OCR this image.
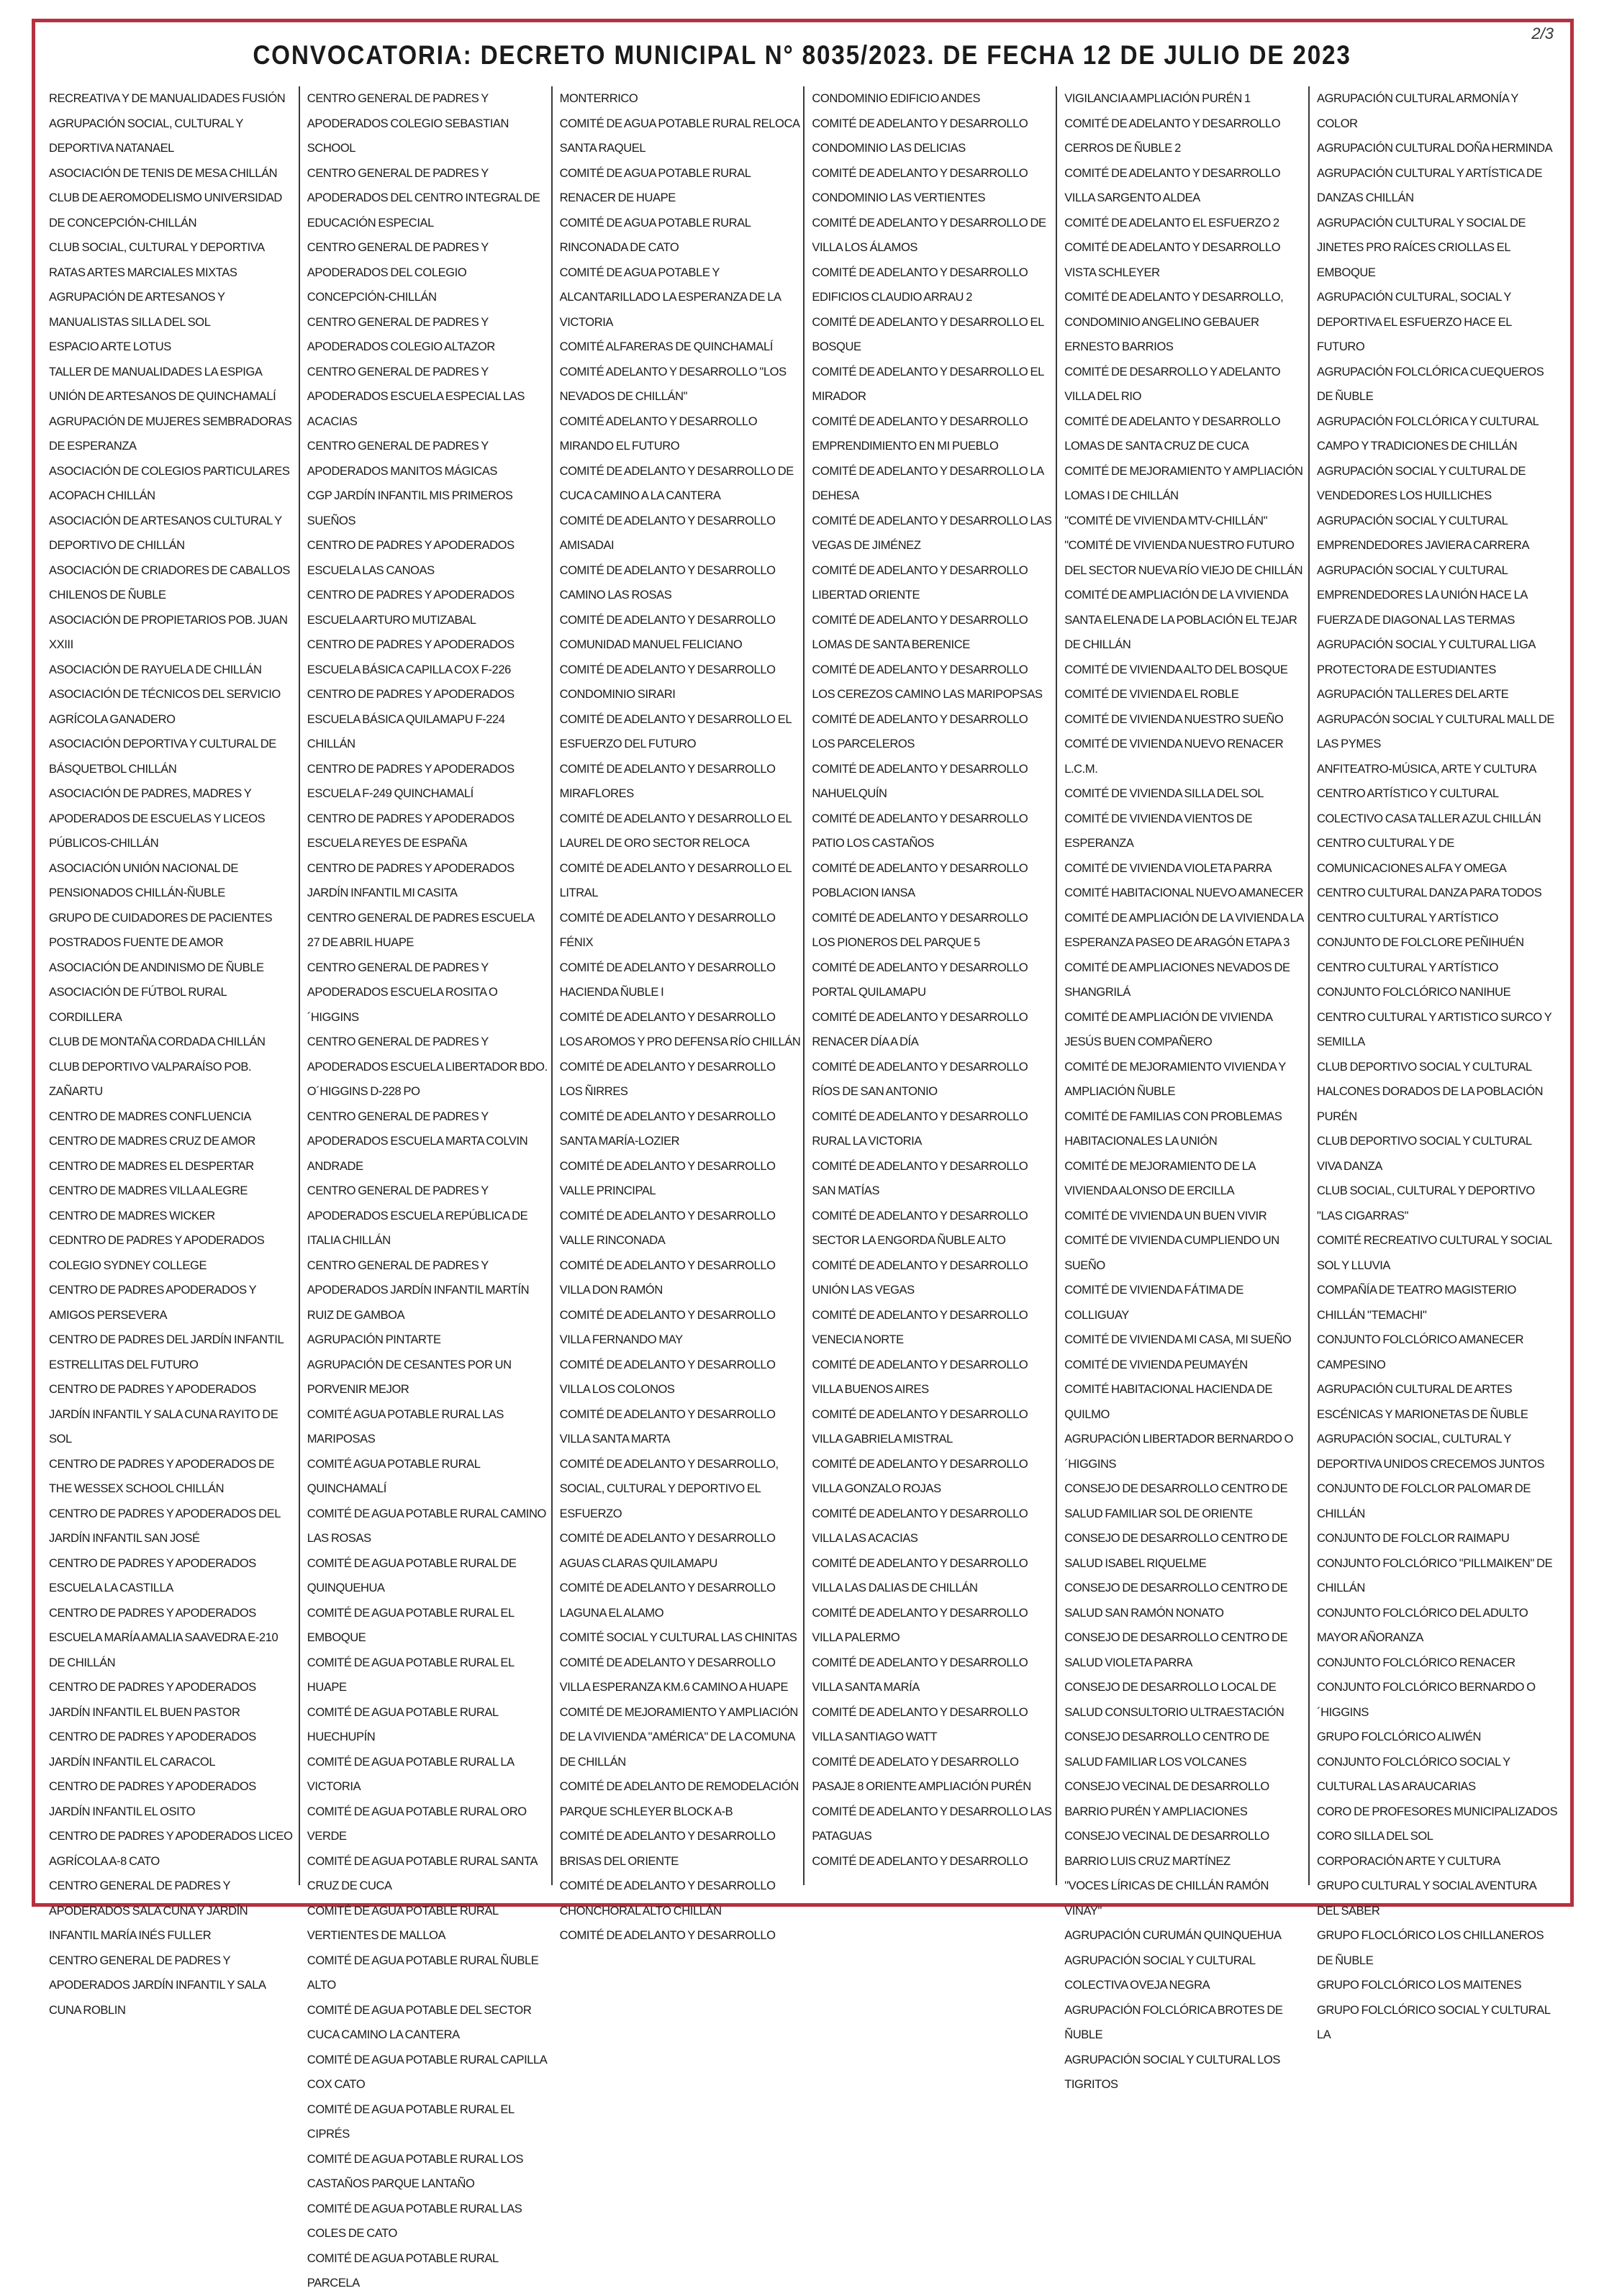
2/3
CONVOCATORIA: DECRETO MUNICIPAL N° 8035/2023. DE FECHA 12 DE JULIO DE 2023
RECREATIVA Y DE MANUALIDADES FUSIÓN
AGRUPACIÓN SOCIAL, CULTURAL Y DEPORTIVA NATANAEL
ASOCIACIÓN DE TENIS DE MESA CHILLÁN
CLUB DE AEROMODELISMO UNIVERSIDAD DE CONCEPCIÓN-CHILLÁN
CLUB SOCIAL, CULTURAL Y DEPORTIVA RATAS ARTES MARCIALES MIXTAS
AGRUPACIÓN DE ARTESANOS Y MANUALISTAS SILLA DEL SOL
ESPACIO ARTE LOTUS
TALLER DE MANUALIDADES LA ESPIGA
UNIÓN DE ARTESANOS DE QUINCHAMALÍ
AGRUPACIÓN DE MUJERES SEMBRADORAS DE ESPERANZA
ASOCIACIÓN DE COLEGIOS PARTICULARES ACOPACH CHILLÁN
ASOCIACIÓN DE ARTESANOS CULTURAL Y DEPORTIVO DE CHILLÁN
ASOCIACIÓN DE CRIADORES DE CABALLOS CHILENOS DE ÑUBLE
ASOCIACIÓN DE PROPIETARIOS POB. JUAN XXIII
ASOCIACIÓN DE RAYUELA DE CHILLÁN
ASOCIACIÓN DE TÉCNICOS DEL SERVICIO AGRÍCOLA GANADERO
ASOCIACIÓN DEPORTIVA Y CULTURAL DE BÁSQUETBOL CHILLÁN
ASOCIACIÓN DE PADRES, MADRES Y APODERADOS DE ESCUELAS Y LICEOS PÚBLICOS-CHILLÁN
ASOCIACIÓN UNIÓN NACIONAL DE PENSIONADOS CHILLÁN-ÑUBLE
GRUPO DE CUIDADORES DE PACIENTES POSTRADOS FUENTE DE AMOR
ASOCIACIÓN DE ANDINISMO DE ÑUBLE
ASOCIACIÓN DE FÚTBOL RURAL CORDILLERA
CLUB DE MONTAÑA CORDADA CHILLÁN
CLUB DEPORTIVO VALPARAÍSO POB. ZAÑARTU
CENTRO DE MADRES CONFLUENCIA
CENTRO DE MADRES CRUZ DE AMOR
CENTRO DE MADRES EL DESPERTAR
CENTRO DE MADRES VILLA ALEGRE
CENTRO DE MADRES WICKER
CEDNTRO DE PADRES Y APODERADOS COLEGIO SYDNEY COLLEGE
CENTRO DE PADRES APODERADOS Y AMIGOS PERSEVERA
CENTRO DE PADRES DEL JARDÍN INFANTIL ESTRELLITAS DEL FUTURO
CENTRO DE PADRES Y APODERADOS JARDÍN INFANTIL Y SALA CUNA RAYITO DE SOL
CENTRO DE PADRES Y APODERADOS DE THE WESSEX SCHOOL CHILLÁN
CENTRO DE PADRES Y APODERADOS DEL JARDÍN INFANTIL SAN JOSÉ
CENTRO DE PADRES Y APODERADOS ESCUELA LA CASTILLA
CENTRO DE PADRES Y APODERADOS ESCUELA MARÍA AMALIA SAAVEDRA E-210 DE CHILLÁN
CENTRO DE PADRES Y APODERADOS JARDÍN INFANTIL EL BUEN PASTOR
CENTRO DE PADRES Y APODERADOS JARDÍN INFANTIL EL CARACOL
CENTRO DE PADRES Y APODERADOS JARDÍN INFANTIL EL OSITO
CENTRO DE PADRES Y APODERADOS LICEO AGRÍCOLA A-8 CATO
CENTRO GENERAL DE PADRES Y APODERADOS SALA CUNA Y JARDÍN INFANTIL MARÍA INÉS FULLER
CENTRO GENERAL DE PADRES Y APODERADOS JARDÍN INFANTIL Y SALA CUNA ROBLIN
CENTRO GENERAL DE PADRES Y APODERADOS COLEGIO SEBASTIAN SCHOOL
CENTRO GENERAL DE PADRES Y APODERADOS DEL CENTRO INTEGRAL DE EDUCACIÓN ESPECIAL
CENTRO GENERAL DE PADRES Y APODERADOS DEL COLEGIO CONCEPCIÓN-CHILLÁN
CENTRO GENERAL DE PADRES Y APODERADOS COLEGIO ALTAZOR
CENTRO GENERAL DE PADRES Y APODERADOS ESCUELA ESPECIAL LAS ACACIAS
CENTRO GENERAL DE PADRES Y APODERADOS MANITOS MÁGICAS
CGP JARDÍN INFANTIL MIS PRIMEROS SUEÑOS
CENTRO DE PADRES Y APODERADOS ESCUELA LAS CANOAS
CENTRO DE PADRES Y APODERADOS ESCUELA ARTURO MUTIZABAL
CENTRO DE PADRES Y APODERADOS ESCUELA BÁSICA CAPILLA COX F-226
CENTRO DE PADRES Y APODERADOS ESCUELA BÁSICA QUILAMAPU F-224 CHILLÁN
CENTRO DE PADRES Y APODERADOS ESCUELA F-249 QUINCHAMALÍ
CENTRO DE PADRES Y APODERADOS ESCUELA REYES DE ESPAÑA
CENTRO DE PADRES Y APODERADOS JARDÍN INFANTIL MI CASITA
CENTRO GENERAL DE PADRES ESCUELA 27 DE ABRIL HUAPE
CENTRO GENERAL DE PADRES Y APODERADOS ESCUELA ROSITA O´HIGGINS
CENTRO GENERAL DE PADRES Y APODERADOS ESCUELA LIBERTADOR BDO. O´HIGGINS D-228 PO
CENTRO GENERAL DE PADRES Y APODERADOS ESCUELA MARTA COLVIN ANDRADE
CENTRO GENERAL DE PADRES Y APODERADOS ESCUELA REPÚBLICA DE ITALIA CHILLÁN
CENTRO GENERAL DE PADRES Y APODERADOS JARDÍN INFANTIL MARTÍN RUIZ DE GAMBOA
AGRUPACIÓN PINTARTE
AGRUPACIÓN DE CESANTES POR UN PORVENIR MEJOR
COMITÉ AGUA POTABLE RURAL LAS MARIPOSAS
COMITÉ AGUA POTABLE RURAL QUINCHAMALÍ
COMITÉ DE AGUA POTABLE RURAL CAMINO LAS ROSAS
COMITÉ DE AGUA POTABLE RURAL DE QUINQUEHUA
COMITÉ DE AGUA POTABLE RURAL EL EMBOQUE
COMITÉ DE AGUA POTABLE RURAL EL HUAPE
COMITÉ DE AGUA POTABLE RURAL HUECHUPÍN
COMITÉ DE AGUA POTABLE RURAL LA VICTORIA
COMITÉ DE AGUA POTABLE RURAL ORO VERDE
COMITÉ DE AGUA POTABLE RURAL SANTA CRUZ DE CUCA
COMITÉ DE AGUA POTABLE RURAL VERTIENTES DE MALLOA
COMITÉ DE AGUA POTABLE RURAL ÑUBLE ALTO
COMITÉ DE AGUA POTABLE DEL SECTOR CUCA CAMINO LA CANTERA
COMITÉ DE AGUA POTABLE RURAL CAPILLA COX CATO
COMITÉ DE AGUA POTABLE RURAL EL CIPRÉS
COMITÉ DE AGUA POTABLE RURAL LOS CASTAÑOS PARQUE LANTAÑO
COMITÉ DE AGUA POTABLE RURAL LAS COLES DE CATO
COMITÉ DE AGUA POTABLE RURAL PARCELA
MONTERRICO
COMITÉ DE AGUA POTABLE RURAL RELOCA SANTA RAQUEL
COMITÉ DE AGUA POTABLE RURAL RENACER DE HUAPE
COMITÉ DE AGUA POTABLE RURAL RINCONADA DE CATO
COMITÉ DE AGUA POTABLE Y ALCANTARILLADO LA ESPERANZA DE LA VICTORIA
COMITÉ ALFARERAS DE QUINCHAMALÍ
COMITÉ ADELANTO Y DESARROLLO "LOS NEVADOS DE CHILLÁN"
COMITÉ ADELANTO Y DESARROLLO MIRANDO EL FUTURO
COMITÉ DE ADELANTO Y DESARROLLO DE CUCA CAMINO A LA CANTERA
COMITÉ DE ADELANTO Y DESARROLLO AMISADAI
COMITÉ DE ADELANTO Y DESARROLLO CAMINO LAS ROSAS
COMITÉ DE ADELANTO Y DESARROLLO COMUNIDAD MANUEL FELICIANO
COMITÉ DE ADELANTO Y DESARROLLO CONDOMINIO SIRARI
COMITÉ DE ADELANTO Y DESARROLLO EL ESFUERZO DEL FUTURO
COMITÉ DE ADELANTO Y DESARROLLO MIRAFLORES
COMITÉ DE ADELANTO Y DESARROLLO EL LAUREL DE ORO SECTOR RELOCA
COMITÉ DE ADELANTO Y DESARROLLO EL LITRAL
COMITÉ DE ADELANTO Y DESARROLLO FÉNIX
COMITÉ DE ADELANTO Y DESARROLLO HACIENDA ÑUBLE I
COMITÉ DE ADELANTO Y DESARROLLO LOS AROMOS Y PRO DEFENSA RÍO CHILLÁN
COMITÉ DE ADELANTO Y DESARROLLO LOS ÑIRRES
COMITÉ DE ADELANTO Y DESARROLLO SANTA MARÍA-LOZIER
COMITÉ DE ADELANTO Y DESARROLLO VALLE PRINCIPAL
COMITÉ DE ADELANTO Y DESARROLLO VALLE RINCONADA
COMITÉ DE ADELANTO Y DESARROLLO VILLA DON RAMÓN
COMITÉ DE ADELANTO Y DESARROLLO VILLA FERNANDO MAY
COMITÉ DE ADELANTO Y DESARROLLO VILLA LOS COLONOS
COMITÉ DE ADELANTO Y DESARROLLO VILLA SANTA MARTA
COMITÉ DE ADELANTO Y DESARROLLO, SOCIAL, CULTURAL Y DEPORTIVO EL ESFUERZO
COMITÉ DE ADELANTO Y DESARROLLO AGUAS CLARAS QUILAMAPU
COMITÉ DE ADELANTO Y DESARROLLO LAGUNA EL ALAMO
COMITÉ SOCIAL Y CULTURAL LAS CHINITAS
COMITÉ DE ADELANTO Y DESARROLLO VILLA ESPERANZA KM.6 CAMINO A HUAPE
COMITÉ DE MEJORAMIENTO Y AMPLIACIÓN DE LA VIVIENDA "AMÉRICA" DE LA COMUNA DE CHILLÁN
COMITÉ DE ADELANTO DE REMODELACIÓN PARQUE SCHLEYER BLOCK A-B
COMITÉ DE ADELANTO Y DESARROLLO BRISAS DEL ORIENTE
COMITÉ DE ADELANTO Y DESARROLLO CHONCHORAL ALTO CHILLÁN
COMITÉ DE ADELANTO Y DESARROLLO
CONDOMINIO EDIFICIO ANDES
COMITÉ DE ADELANTO Y DESARROLLO CONDOMINIO LAS DELICIAS
COMITÉ DE ADELANTO Y DESARROLLO CONDOMINIO LAS VERTIENTES
COMITÉ DE ADELANTO Y DESARROLLO DE VILLA LOS ÁLAMOS
COMITÉ DE ADELANTO Y DESARROLLO EDIFICIOS CLAUDIO ARRAU 2
COMITÉ DE ADELANTO Y DESARROLLO EL BOSQUE
COMITÉ DE ADELANTO Y DESARROLLO EL MIRADOR
COMITÉ DE ADELANTO Y DESARROLLO EMPRENDIMIENTO EN MI PUEBLO
COMITÉ DE ADELANTO Y DESARROLLO LA DEHESA
COMITÉ DE ADELANTO Y DESARROLLO LAS VEGAS DE JIMÉNEZ
COMITÉ DE ADELANTO Y DESARROLLO LIBERTAD ORIENTE
COMITÉ DE ADELANTO Y DESARROLLO LOMAS DE SANTA BERENICE
COMITÉ DE ADELANTO Y DESARROLLO LOS CEREZOS CAMINO LAS MARIPOPSAS
COMITÉ DE ADELANTO Y DESARROLLO LOS PARCELEROS
COMITÉ DE ADELANTO Y DESARROLLO NAHUELQUÍN
COMITÉ DE ADELANTO Y DESARROLLO PATIO LOS CASTAÑOS
COMITÉ DE ADELANTO Y DESARROLLO POBLACION IANSA
COMITÉ DE ADELANTO Y DESARROLLO LOS PIONEROS DEL PARQUE 5
COMITÉ DE ADELANTO Y DESARROLLO PORTAL QUILAMAPU
COMITÉ DE ADELANTO Y DESARROLLO RENACER DÍA A DÍA
COMITÉ DE ADELANTO Y DESARROLLO RÍOS DE SAN ANTONIO
COMITÉ DE ADELANTO Y DESARROLLO RURAL LA VICTORIA
COMITÉ DE ADELANTO Y DESARROLLO SAN MATÍAS
COMITÉ DE ADELANTO Y DESARROLLO SECTOR LA ENGORDA ÑUBLE ALTO
COMITÉ DE ADELANTO Y DESARROLLO UNIÓN LAS VEGAS
COMITÉ DE ADELANTO Y DESARROLLO VENECIA NORTE
COMITÉ DE ADELANTO Y DESARROLLO VILLA BUENOS AIRES
COMITÉ DE ADELANTO Y DESARROLLO VILLA GABRIELA MISTRAL
COMITÉ DE ADELANTO Y DESARROLLO VILLA GONZALO ROJAS
COMITÉ DE ADELANTO Y DESARROLLO VILLA LAS ACACIAS
COMITÉ DE ADELANTO Y DESARROLLO VILLA LAS DALIAS DE CHILLÁN
COMITÉ DE ADELANTO Y DESARROLLO VILLA PALERMO
COMITÉ DE ADELANTO Y DESARROLLO VILLA SANTA MARÍA
COMITÉ DE ADELANTO Y DESARROLLO VILLA SANTIAGO WATT
COMITÉ DE ADELATO Y DESARROLLO PASAJE 8 ORIENTE AMPLIACIÓN PURÉN
COMITÉ DE ADELANTO Y DESARROLLO LAS PATAGUAS
COMITÉ DE ADELANTO Y DESARROLLO
VIGILANCIA AMPLIACIÓN PURÉN 1
COMITÉ DE ADELANTO Y DESARROLLO CERROS DE ÑUBLE 2
COMITÉ DE ADELANTO Y DESARROLLO VILLA SARGENTO ALDEA
COMITÉ DE ADELANTO EL ESFUERZO 2
COMITÉ DE ADELANTO Y DESARROLLO VISTA SCHLEYER
COMITÉ DE ADELANTO Y DESARROLLO, CONDOMINIO ANGELINO GEBAUER ERNESTO BARRIOS
COMITÉ DE DESARROLLO Y ADELANTO VILLA DEL RIO
COMITÉ DE ADELANTO Y DESARROLLO LOMAS DE SANTA CRUZ DE CUCA
COMITÉ DE MEJORAMIENTO Y AMPLIACIÓN LOMAS I DE CHILLÁN
"COMITÉ DE VIVIENDA MTV-CHILLÁN"
"COMITÉ DE VIVIENDA NUESTRO FUTURO DEL SECTOR NUEVA RÍO VIEJO DE CHILLÁN
COMITÉ DE AMPLIACIÓN DE LA VIVIENDA SANTA ELENA DE LA POBLACIÓN EL TEJAR DE CHILLÁN
COMITÉ DE VIVIENDA ALTO DEL BOSQUE
COMITÉ DE VIVIENDA EL ROBLE
COMITÉ DE VIVIENDA NUESTRO SUEÑO
COMITÉ DE VIVIENDA NUEVO RENACER L.C.M.
COMITÉ DE VIVIENDA SILLA DEL SOL
COMITÉ DE VIVIENDA VIENTOS DE ESPERANZA
COMITÉ DE VIVIENDA VIOLETA PARRA
COMITÉ HABITACIONAL NUEVO AMANECER
COMITÉ DE AMPLIACIÓN DE LA VIVIENDA LA ESPERANZA PASEO DE ARAGÓN ETAPA 3
COMITÉ DE AMPLIACIONES NEVADOS DE SHANGRILÁ
COMITÉ DE AMPLIACIÓN DE VIVIENDA JESÚS BUEN COMPAÑERO
COMITÉ DE MEJORAMIENTO VIVIENDA Y AMPLIACIÓN ÑUBLE
COMITÉ DE FAMILIAS CON PROBLEMAS HABITACIONALES LA UNIÓN
COMITÉ DE MEJORAMIENTO DE LA VIVIENDA ALONSO DE ERCILLA
COMITÉ DE VIVIENDA UN BUEN VIVIR
COMITÉ DE VIVIENDA CUMPLIENDO UN SUEÑO
COMITÉ DE VIVIENDA FÁTIMA DE COLLIGUAY
COMITÉ DE VIVIENDA MI CASA, MI SUEÑO
COMITÉ DE VIVIENDA PEUMAYÉN
COMITÉ HABITACIONAL HACIENDA DE QUILMO
AGRUPACIÓN LIBERTADOR BERNARDO O´HIGGINS
CONSEJO DE DESARROLLO CENTRO DE SALUD FAMILIAR SOL DE ORIENTE
CONSEJO DE DESARROLLO CENTRO DE SALUD ISABEL RIQUELME
CONSEJO DE DESARROLLO CENTRO DE SALUD SAN RAMÓN NONATO
CONSEJO DE DESARROLLO CENTRO DE SALUD VIOLETA PARRA
CONSEJO DE DESARROLLO LOCAL DE SALUD CONSULTORIO ULTRAESTACIÓN
CONSEJO DESARROLLO CENTRO DE SALUD FAMILIAR LOS VOLCANES
CONSEJO VECINAL DE DESARROLLO BARRIO PURÉN Y AMPLIACIONES
CONSEJO VECINAL DE DESARROLLO BARRIO LUIS CRUZ MARTÍNEZ
"VOCES LÍRICAS DE CHILLÁN RAMÓN VINAY"
AGRUPACIÓN CURUMÁN QUINQUEHUA
AGRUPACIÓN SOCIAL Y CULTURAL COLECTIVA OVEJA NEGRA
AGRUPACIÓN FOLCLÓRICA BROTES DE ÑUBLE
AGRUPACIÓN SOCIAL Y CULTURAL LOS TIGRITOS
AGRUPACIÓN CULTURAL ARMONÍA Y COLOR
AGRUPACIÓN CULTURAL DOÑA HERMINDA
AGRUPACIÓN CULTURAL Y ARTÍSTICA DE DANZAS CHILLÁN
AGRUPACIÓN CULTURAL Y SOCIAL DE JINETES PRO RAÍCES CRIOLLAS EL EMBOQUE
AGRUPACIÓN CULTURAL, SOCIAL Y DEPORTIVA EL ESFUERZO HACE EL FUTURO
AGRUPACIÓN FOLCLÓRICA CUEQUEROS DE ÑUBLE
AGRUPACIÓN FOLCLÓRICA Y CULTURAL CAMPO Y TRADICIONES DE CHILLÁN
AGRUPACIÓN SOCIAL Y CULTURAL DE VENDEDORES LOS HUILLICHES
AGRUPACIÓN SOCIAL Y CULTURAL EMPRENDEDORES JAVIERA CARRERA
AGRUPACIÓN SOCIAL Y CULTURAL EMPRENDEDORES LA UNIÓN HACE LA FUERZA DE DIAGONAL LAS TERMAS
AGRUPACIÓN SOCIAL Y CULTURAL LIGA PROTECTORA DE ESTUDIANTES
AGRUPACIÓN TALLERES DEL ARTE
AGRUPACÓN SOCIAL Y CULTURAL MALL DE LAS PYMES
ANFITEATRO-MÚSICA, ARTE Y CULTURA
CENTRO ARTÍSTICO Y CULTURAL COLECTIVO CASA TALLER AZUL CHILLÁN
CENTRO CULTURAL Y DE COMUNICACIONES ALFA Y OMEGA
CENTRO CULTURAL DANZA PARA TODOS
CENTRO CULTURAL Y ARTÍSTICO CONJUNTO DE FOLCLORE PEÑIHUÉN
CENTRO CULTURAL Y ARTÍSTICO CONJUNTO FOLCLÓRICO NANIHUE
CENTRO CULTURAL Y ARTISTICO SURCO Y SEMILLA
CLUB DEPORTIVO SOCIAL Y CULTURAL HALCONES DORADOS DE LA POBLACIÓN PURÉN
CLUB DEPORTIVO SOCIAL Y CULTURAL VIVA DANZA
CLUB SOCIAL, CULTURAL Y DEPORTIVO "LAS CIGARRAS"
COMITÉ RECREATIVO CULTURAL Y SOCIAL SOL Y LLUVIA
COMPAÑÍA DE TEATRO MAGISTERIO CHILLÁN "TEMACHI"
CONJUNTO FOLCLÓRICO AMANECER CAMPESINO
AGRUPACIÓN CULTURAL DE ARTES ESCÉNICAS Y MARIONETAS DE ÑUBLE
AGRUPACIÓN SOCIAL, CULTURAL Y DEPORTIVA UNIDOS CRECEMOS JUNTOS
CONJUNTO DE FOLCLOR PALOMAR DE CHILLÁN
CONJUNTO DE FOLCLOR RAIMAPU
CONJUNTO FOLCLÓRICO "PILLMAIKEN" DE CHILLÁN
CONJUNTO FOLCLÓRICO DEL ADULTO MAYOR AÑORANZA
CONJUNTO FOLCLÓRICO RENACER
CONJUNTO FOLCLÓRICO BERNARDO O´HIGGINS
GRUPO FOLCLÓRICO ALIWÉN
CONJUNTO FOLCLÓRICO SOCIAL Y CULTURAL LAS ARAUCARIAS
CORO DE PROFESORES MUNICIPALIZADOS
CORO SILLA DEL SOL
CORPORACIÓN ARTE Y CULTURA
GRUPO CULTURAL Y SOCIAL AVENTURA DEL SABER
GRUPO FLOCLÓRICO LOS CHILLANEROS DE ÑUBLE
GRUPO FOLCLÓRICO LOS MAITENES
GRUPO FOLCLÓRICO SOCIAL Y CULTURAL LA
